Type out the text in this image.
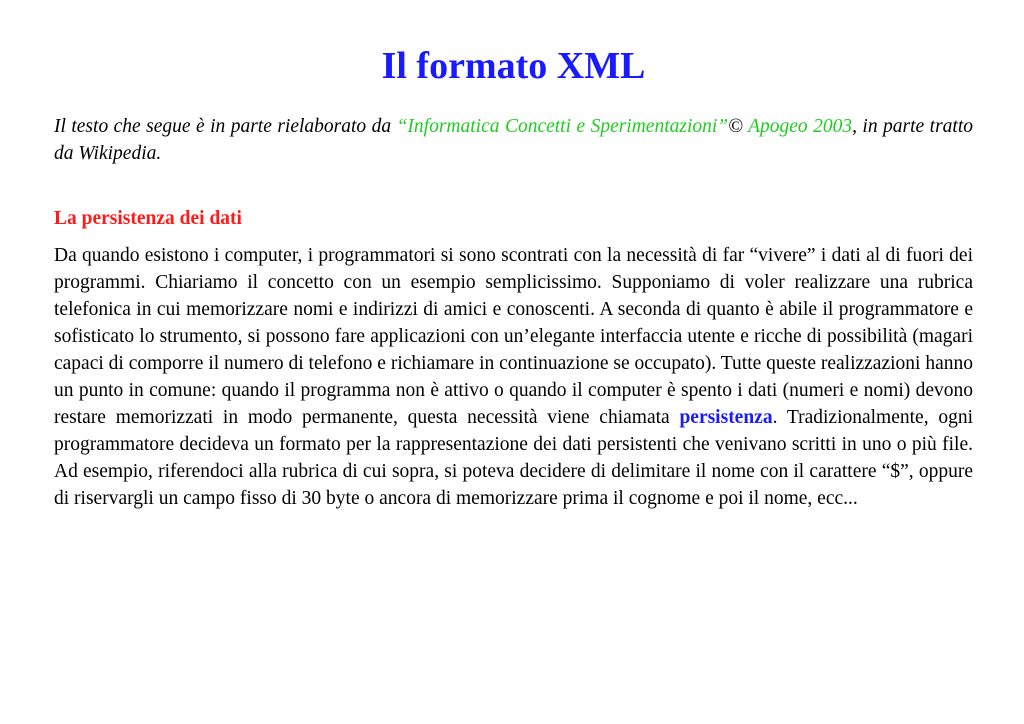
Il formato XML

Il testo che segue è in parte rielaborato da “Informatica Concetti e Sperimentazioni”© Apogeo 2003, in parte tratto da Wikipedia.

La persistenza dei dati

Da quando esistono i computer, i programmatori si sono scontrati con la necessità di far “vivere” i dati al di fuori dei programmi. Chiariamo il concetto con un esempio semplicissimo. Supponiamo di voler realizzare una rubrica telefonica in cui memorizzare nomi e indirizzi di amici e conoscenti. A seconda di quanto è abile il programmatore e sofisticato lo strumento, si possono fare applicazioni con un’elegante interfaccia utente e ricche di possibilità (magari capaci di comporre il numero di telefono e richiamare in continuazione se occupato). Tutte queste realizzazioni hanno un punto in comune: quando il programma non è attivo o quando il computer è spento i dati (numeri e nomi) devono restare memorizzati in modo permanente, questa necessità viene chiamata persistenza. Tradizionalmente, ogni programmatore decideva un formato per la rappresentazione dei dati persistenti che venivano scritti in uno o più file. Ad esempio, riferendoci alla rubrica di cui sopra, si poteva decidere di delimitare il nome con il carattere “$”, oppure di riservargli un campo fisso di 30 byte o ancora di memorizzare prima il cognome e poi il nome, ecc...
